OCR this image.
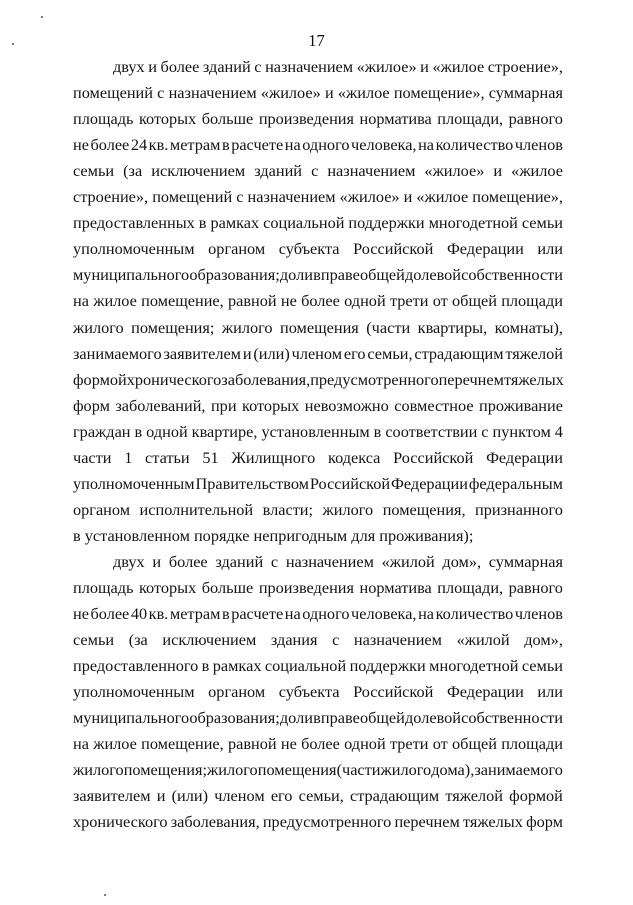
17
двух и более зданий с назначением «жилое» и «жилое строение»,
помещений с назначением «жилое» и «жилое помещение», суммарная
площадь которых больше произведения норматива площади, равного
не более 24 кв. метрам в расчете на одного человека, на количество членов
семьи (за исключением зданий с назначением «жилое» и «жилое
строение», помещений с назначением «жилое» и «жилое помещение»,
предоставленных в рамках социальной поддержки многодетной семьи
уполномоченным органом субъекта Российской Федерации или
муниципального образования; доли в праве общей долевой собственности
на жилое помещение, равной не более одной трети от общей площади
жилого помещения; жилого помещения (части квартиры, комнаты),
занимаемого заявителем и (или) членом его семьи, страдающим тяжелой
формой хронического заболевания, предусмотренного перечнем тяжелых
форм заболеваний, при которых невозможно совместное проживание
граждан в одной квартире, установленным в соответствии с пунктом 4
части 1 статьи 51 Жилищного кодекса Российской Федерации
уполномоченным Правительством Российской Федерации федеральным
органом исполнительной власти; жилого помещения, признанного
в установленном порядке непригодным для проживания);
двух и более зданий с назначением «жилой дом», суммарная
площадь которых больше произведения норматива площади, равного
не более 40 кв. метрам в расчете на одного человека, на количество членов
семьи (за исключением здания с назначением «жилой дом»,
предоставленного в рамках социальной поддержки многодетной семьи
уполномоченным органом субъекта Российской Федерации или
муниципального образования; доли в праве общей долевой собственности
на жилое помещение, равной не более одной трети от общей площади
жилого помещения; жилого помещения (части жилого дома), занимаемого
заявителем и (или) членом его семьи, страдающим тяжелой формой
хронического заболевания, предусмотренного перечнем тяжелых форм
